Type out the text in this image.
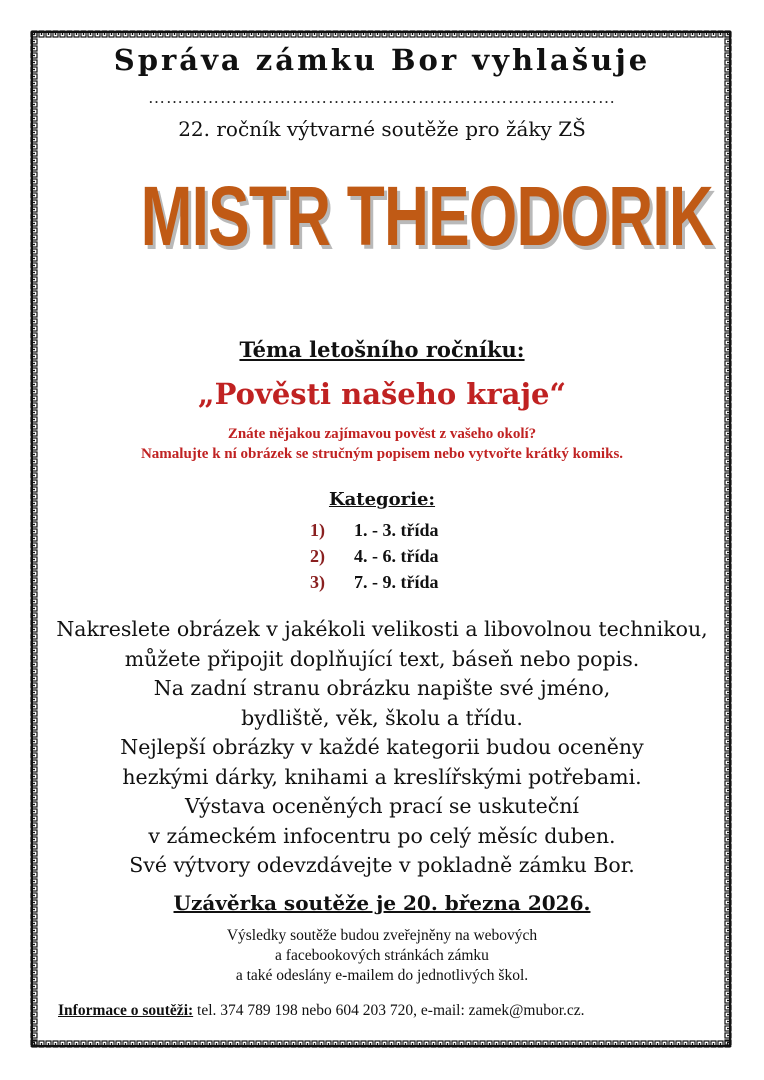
Správa zámku Bor vyhlašuje
……………………………………………………………………
22. ročník výtvarné soutěže pro žáky ZŠ
MISTR THEODORIK
Téma letošního ročníku:
„Pověsti našeho kraje“
Znáte nějakou zajímavou pověst z vašeho okolí?
Namalujte k ní obrázek se stručným popisem nebo vytvořte krátký komiks.
Kategorie:
1) 1. - 3. třída
2) 4. - 6. třída
3) 7. - 9. třída
Nakreslete obrázek v jakékoli velikosti a libovolnou technikou,
můžete připojit doplňující text, báseň nebo popis.
Na zadní stranu obrázku napište své jméno,
bydliště, věk, školu a třídu.
Nejlepší obrázky v každé kategorii budou oceněny
hezkými dárky, knihami a kreslířskými potřebami.
Výstava oceněných prací se uskuteční
v zámeckém infocentru po celý měsíc duben.
Své výtvory odevzdávejte v pokladně zámku Bor.
Uzávěrka soutěže je 20. března 2026.
Výsledky soutěže budou zveřejněny na webových
a facebookových stránkách zámku
a také odeslány e-mailem do jednotlivých škol.
Informace o soutěži: tel. 374 789 198 nebo 604 203 720, e-mail: zamek@mubor.cz.
